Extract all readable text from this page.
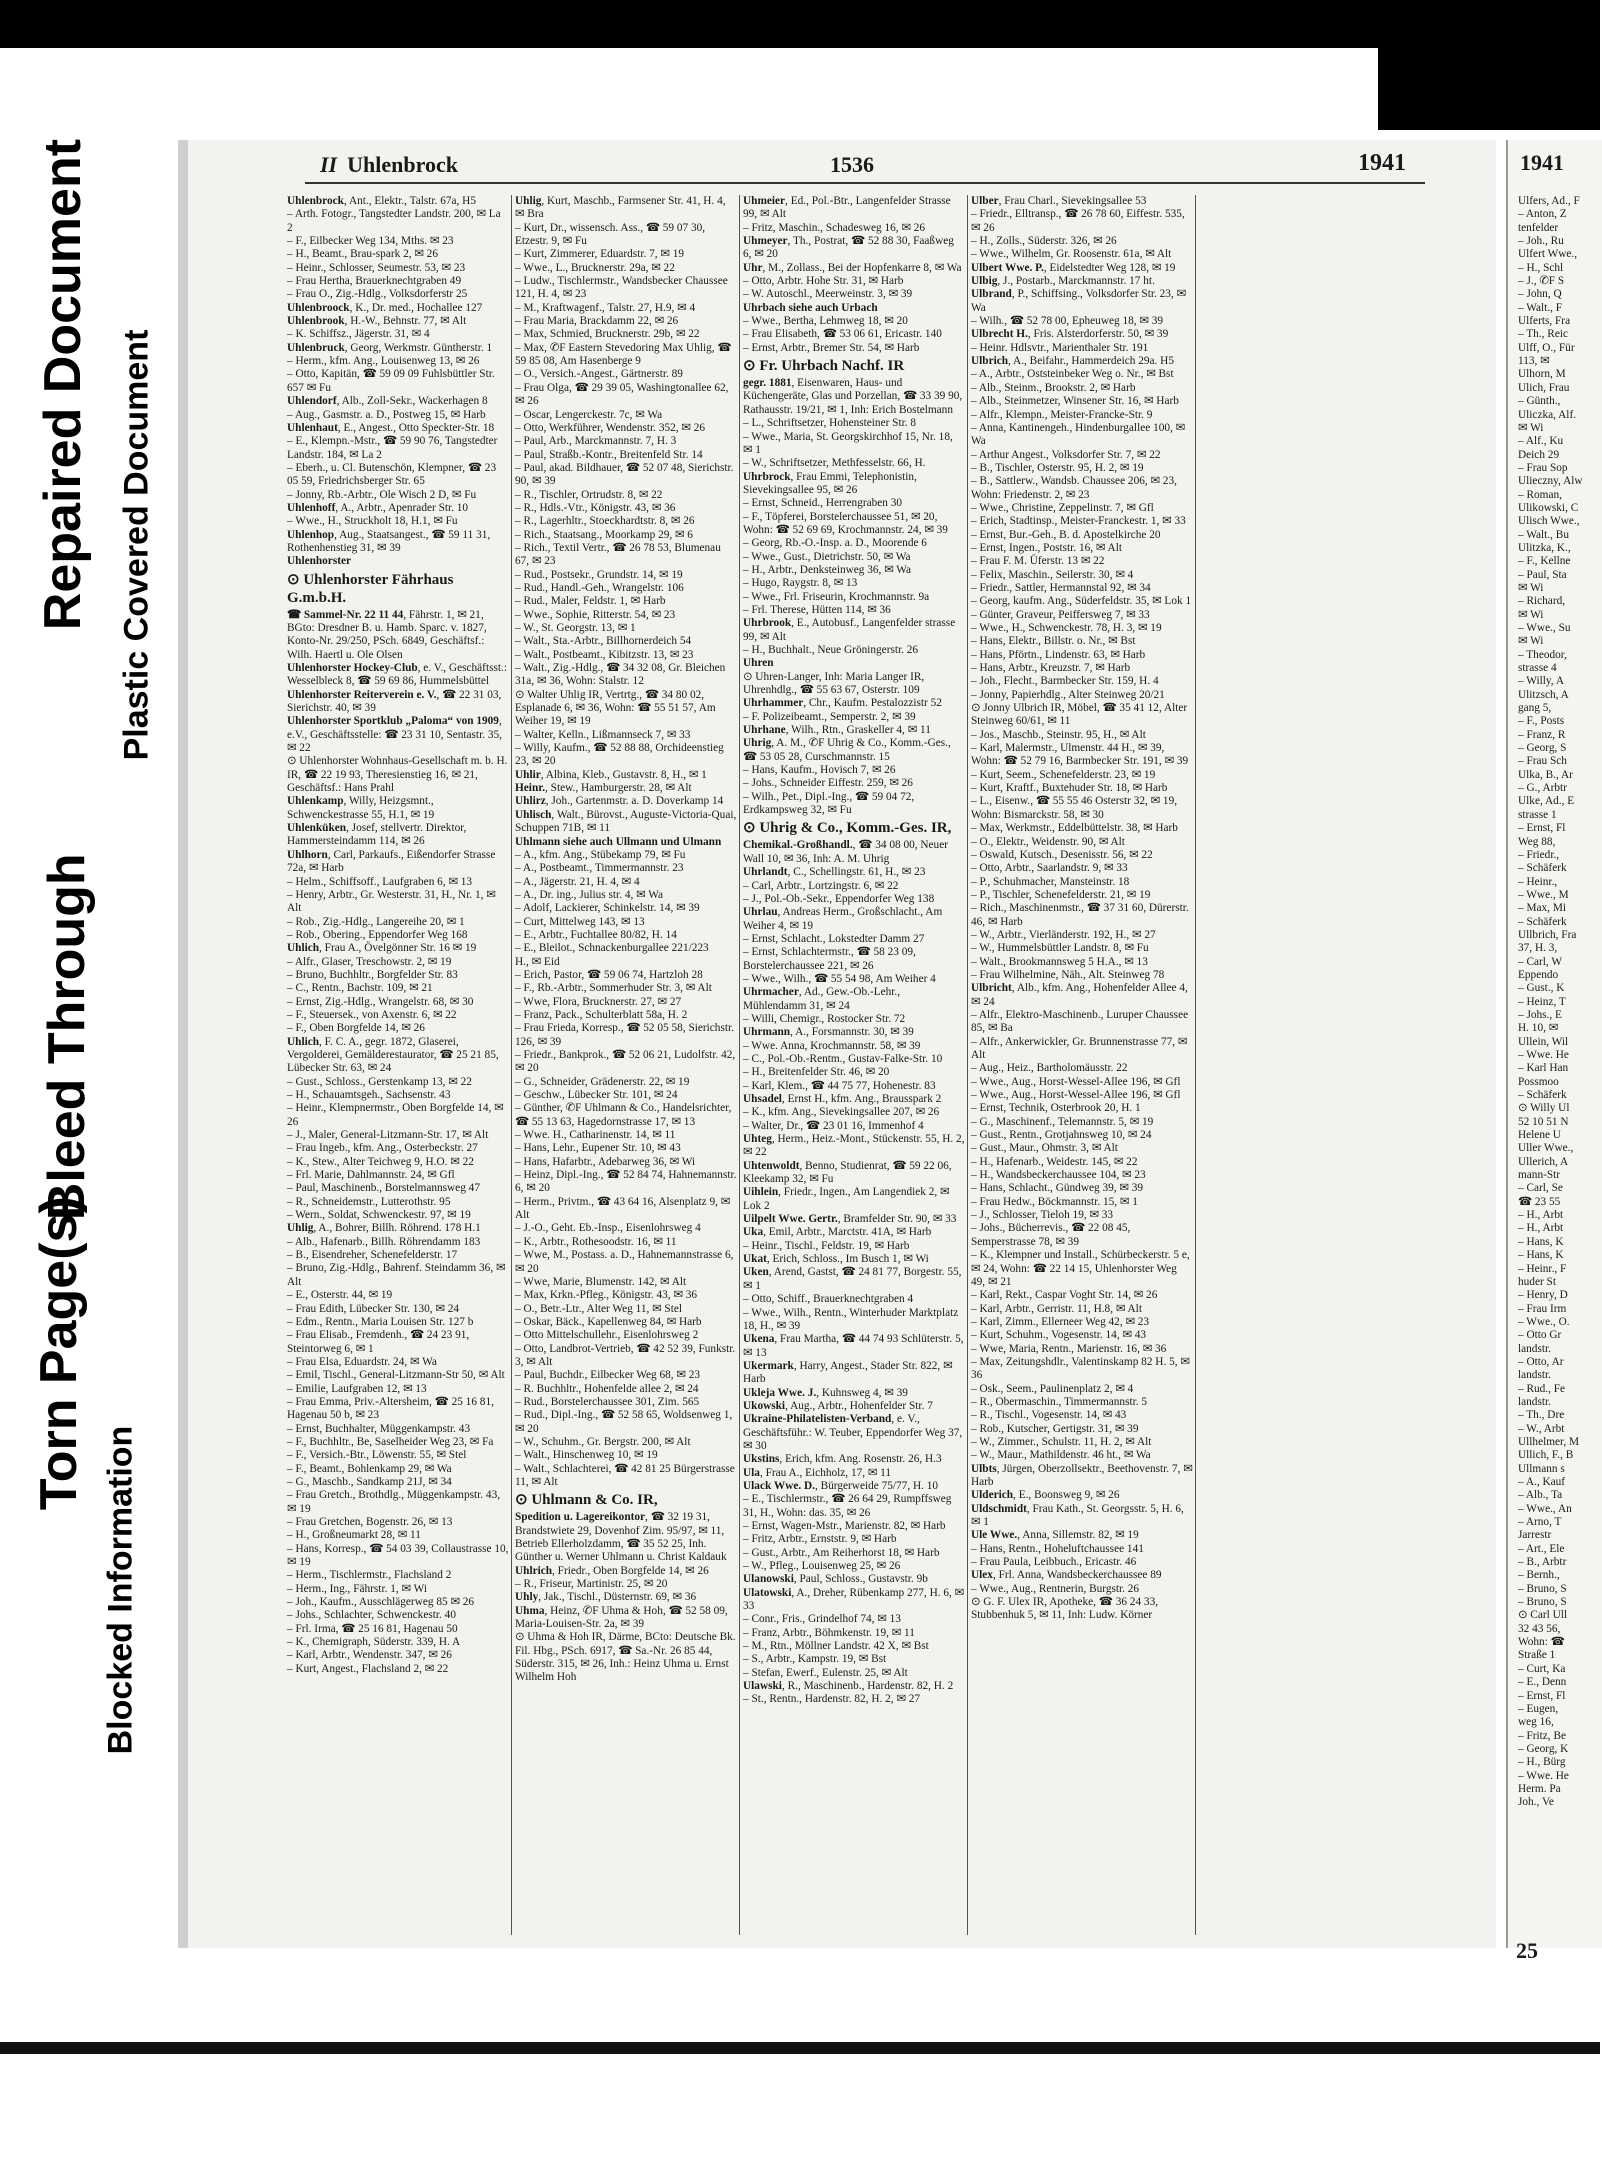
Torn Page(s)
Blocked Information
Bleed Through
Plastic Covered Document
Repaired Document	II Uhlenbrock	1536	1941
Uhlenbrock, Ant., Elektr., Talstr. 67a, H5
– Arth. Fotogr., Tangstedter Landstr. 200, ✉ La 2
– F., Eilbecker Weg 134, Mths. ✉ 23
– H., Beamt., Brau-spark 2, ✉ 26
– Heinr., Schlosser, Seumestr. 53, ✉ 23
– Frau Hertha, Brauerknechtgraben 49
– Frau O., Zig.-Hdlg., Volksdorferstr 25
Uhlenbroock, K., Dr. med., Hochallee 127
Uhlenbrook, H.-W., Behnstr. 77, ✉ Alt
– K. Schiffsz., Jägerstr. 31, ✉ 4
Uhlenbruck, Georg, Werkmstr. Güntherstr. 1
– Herm., kfm. Ang., Louisenweg 13, ✉ 26
– Otto, Kapitän, ☎ 59 09 09 Fuhlsbüttler Str. 657 ✉ Fu
Uhlendorf, Alb., Zoll-Sekr., Wackerhagen 8
– Aug., Gasmstr. a. D., Postweg 15, ✉ Harb
Uhlenhaut, E., Angest., Otto Speckter-Str. 18
– E., Klempn.-Mstr., ☎ 59 90 76, Tangstedter Landstr. 184, ✉ La 2
– Eberh., u. Cl. Butenschön, Klempner, ☎ 23 05 59, Friedrichsberger Str. 65
– Jonny, Rb.-Arbtr., Ole Wisch 2 D, ✉ Fu
Uhlenhoff, A., Arbtr., Apenrader Str. 10
– Wwe., H., Struckholt 18, H.1, ✉ Fu
Uhlenhop, Aug., Staatsangest., ☎ 59 11 31, Rothenhenstieg 31, ✉ 39
Uhlenhorster
⊙ Uhlenhorster Fährhaus G.m.b.H.
☎ Sammel-Nr. 22 11 44, Fährstr. 1, ✉ 21, BGto: Dresdner B. u. Hamb. Sparc. v. 1827, Konto-Nr. 29/250, PSch. 6849, Geschäftsf.: Wilh. Haertl u. Ole Olsen
Uhlenhorster Hockey-Club, e. V., Geschäftsst.: Wesselbleck 8, ☎ 59 69 86, Hummelsbüttel
Uhlenhorster Reiterverein e. V., ☎ 22 31 03, Sierichstr. 40, ✉ 39
Uhlenhorster Sportklub „Paloma“ von 1909, e.V., Geschäftsstelle: ☎ 23 31 10, Sentastr. 35, ✉ 22
⊙ Uhlenhorster Wohnhaus-Gesellschaft m. b. H. IR, ☎ 22 19 93, Theresienstieg 16, ✉ 21, Geschäftsf.: Hans Prahl
Uhlenkamp, Willy, Heizgsmnt., Schwenckestrasse 55, H.1, ✉ 19
Uhlenküken, Josef, stellvertr. Direktor, Hammersteindamm 114, ✉ 26
Uhlhorn, Carl, Parkaufs., Eißendorfer Strasse 72a, ✉ Harb
– Helm., Schiffsoff., Laufgraben 6, ✉ 13
– Henry, Arbtr., Gr. Westerstr. 31, H., Nr. 1, ✉ Alt
– Rob., Zig.-Hdlg., Langereihe 20, ✉ 1
– Rob., Obering., Eppendorfer Weg 168
Uhlich, Frau A., Övelgönner Str. 16 ✉ 19
– Alfr., Glaser, Treschowstr. 2, ✉ 19
– Bruno, Buchhltr., Borgfelder Str. 83
– C., Rentn., Bachstr. 109, ✉ 21
– Ernst, Zig.-Hdlg., Wrangelstr. 68, ✉ 30
– F., Steuersek., von Axenstr. 6, ✉ 22
– F., Oben Borgfelde 14, ✉ 26
Uhlich, F. C. A., gegr. 1872, Glaserei, Vergolderei, Gemälderestaurator, ☎ 25 21 85, Lübecker Str. 63, ✉ 24
– Gust., Schloss., Gerstenkamp 13, ✉ 22
– H., Schauamtsgeh., Sachsenstr. 43
– Heinr., Klempnermstr., Oben Borgfelde 14, ✉ 26
– J., Maler, General-Litzmann-Str. 17, ✉ Alt
– Frau Ingeb., kfm. Ang., Osterbeckstr. 27
– K., Stew., Alter Teichweg 9, H.O. ✉ 22
– Frl. Marie, Dahlmannstr. 24, ✉ Gfl
– Paul, Maschinenb., Borstelmannsweg 47
– R., Schneidemstr., Lutterothstr. 95
– Wern., Soldat, Schwenckestr. 97, ✉ 19
Uhlig, A., Bohrer, Billh. Röhrend. 178 H.1
– Alb., Hafenarb., Billh. Röhrendamm 183
– B., Eisendreher, Schenefelderstr. 17
– Bruno, Zig.-Hdlg., Bahrenf. Steindamm 36, ✉ Alt
– E., Osterstr. 44, ✉ 19
– Frau Edith, Lübecker Str. 130, ✉ 24
– Edm., Rentn., Maria Louisen Str. 127 b
– Frau Elisab., Fremdenh., ☎ 24 23 91, Steintorweg 6, ✉ 1
– Frau Elsa, Eduardstr. 24, ✉ Wa
– Emil, Tischl., General-Litzmann-Str 50, ✉ Alt
– Emilie, Laufgraben 12, ✉ 13
– Frau Emma, Priv.-Altersheim, ☎ 25 16 81, Hagenau 50 b, ✉ 23
– Ernst, Buchhalter, Müggenkampstr. 43
– F., Buchhltr., Be, Saselheider Weg 23, ✉ Fa
– F., Versich.-Btr., Löwenstr. 55, ✉ Stel
– F., Beamt., Bohlenkamp 29, ✉ Wa
– G., Maschb., Sandkamp 21J, ✉ 34
– Frau Gretch., Brothdlg., Müggenkampstr. 43, ✉ 19
– Frau Gretchen, Bogenstr. 26, ✉ 13
– H., Großneumarkt 28, ✉ 11
– Hans, Korresp., ☎ 54 03 39, Collaustrasse 10, ✉ 19
– Herm., Tischlermstr., Flachsland 2
– Herm., Ing., Fährstr. 1, ✉ Wi
– Joh., Kaufm., Ausschlägerweg 85 ✉ 26
– Johs., Schlachter, Schwenckestr. 40
– Frl. Irma, ☎ 25 16 81, Hagenau 50
– K., Chemigraph, Süderstr. 339, H. A
– Karl, Arbtr., Wendenstr. 347, ✉ 26
– Kurt, Angest., Flachsland 2, ✉ 22
Uhlig, Kurt, Maschb., Farmsener Str. 41, H. 4, ✉ Bra
– Kurt, Dr., wissensch. Ass., ☎ 59 07 30, Etzestr. 9, ✉ Fu
– Kurt, Zimmerer, Eduardstr. 7, ✉ 19
– Wwe., L., Brucknerstr. 29a, ✉ 22
– Ludw., Tischlermstr., Wandsbecker Chaussee 121, H. 4, ✉ 23
– M., Kraftwagenf., Talstr. 27, H.9, ✉ 4
– Frau Maria, Brackdamm 22, ✉ 26
– Max, Schmied, Brucknerstr. 29b, ✉ 22
– Max, ✆F Eastern Stevedoring Max Uhlig, ☎ 59 85 08, Am Hasenberge 9
– O., Versich.-Angest., Gärtnerstr. 89
– Frau Olga, ☎ 29 39 05, Washingtonallee 62, ✉ 26
– Oscar, Lengerckestr. 7c, ✉ Wa
– Otto, Werkführer, Wendenstr. 352, ✉ 26
– Paul, Arb., Marckmannstr. 7, H. 3
– Paul, Straßb.-Kontr., Breitenfeld Str. 14
– Paul, akad. Bildhauer, ☎ 52 07 48, Sierichstr. 90, ✉ 39
– R., Tischler, Ortrudstr. 8, ✉ 22
– R., Hdls.-Vtr., Königstr. 43, ✉ 36
– R., Lagerhltr., Stoeckhardtstr. 8, ✉ 26
– Rich., Staatsang., Moorkamp 29, ✉ 6
– Rich., Textil Vertr., ☎ 26 78 53, Blumenau 67, ✉ 23
– Rud., Postsekr., Grundstr. 14, ✉ 19
– Rud., Handl.-Geh., Wrangelstr. 106
– Rud., Maler, Feldstr. 1, ✉ Harb
– Wwe., Sophie, Ritterstr. 54, ✉ 23
– W., St. Georgstr. 13, ✉ 1
– Walt., Sta.-Arbtr., Billhornerdeich 54
– Walt., Postbeamt., Kibitzstr. 13, ✉ 23
– Walt., Zig.-Hdlg., ☎ 34 32 08, Gr. Bleichen 31a, ✉ 36, Wohn: Stalstr. 12
⊙ Walter Uhlig IR, Vertrtg., ☎ 34 80 02, Esplanade 6, ✉ 36, Wohn: ☎ 55 51 57, Am Weiher 19, ✉ 19
– Walter, Kelln., Lißmannseck 7, ✉ 33
– Willy, Kaufm., ☎ 52 88 88, Orchideenstieg 23, ✉ 20
Uhlir, Albina, Kleb., Gustavstr. 8, H., ✉ 1
Heinr., Stew., Hamburgerstr. 28, ✉ Alt
Uhlirz, Joh., Gartenmstr. a. D. Doverkamp 14
Uhlisch, Walt., Bürovst., Auguste-Victoria-Quai, Schuppen 71B, ✉ 11
Uhlmann siehe auch Ullmann und Ulmann
– A., kfm. Ang., Stübekamp 79, ✉ Fu
– A., Postbeamt., Timmermannstr. 23
– A., Jägerstr. 21, H. 4, ✉ 4
– A., Dr. ing., Julius str. 4, ✉ Wa
– Adolf, Lackierer, Schinkelstr. 14, ✉ 39
– Curt, Mittelweg 143, ✉ 13
– E., Arbtr., Fuchtallee 80/82, H. 14
– E., Bleilot., Schnackenburgallee 221/223
H., ✉ Eid
– Erich, Pastor, ☎ 59 06 74, Hartzloh 28
– F., Rb.-Arbtr., Sommerhuder Str. 3, ✉ Alt
– Wwe, Flora, Brucknerstr. 27, ✉ 27
– Franz, Pack., Schulterblatt 58a, H. 2
– Frau Frieda, Korresp., ☎ 52 05 58, Sierichstr. 126, ✉ 39
– Friedr., Bankprok., ☎ 52 06 21, Ludolfstr. 42, ✉ 20
– G., Schneider, Grädenerstr. 22, ✉ 19
– Geschw., Lübecker Str. 101, ✉ 24
– Günther, ✆F Uhlmann & Co., Handelsrichter, ☎ 55 13 63, Hagedornstrasse 17, ✉ 13
– Wwe. H., Catharinenstr. 14, ✉ 11
– Hans, Lehr., Eupener Str. 10, ✉ 43
– Hans, Hafarbtr., Adebarweg 36, ✉ Wi
– Heinz, Dipl.-Ing., ☎ 52 84 74, Hahnemannstr. 6, ✉ 20
– Herm., Privtm., ☎ 43 64 16, Alsenplatz 9, ✉ Alt
– J.-O., Geht. Eb.-Insp., Eisenlohrsweg 4
– K., Arbtr., Rothesoodstr. 16, ✉ 11
– Wwe, M., Postass. a. D., Hahnemannstrasse 6, ✉ 20
– Wwe, Marie, Blumenstr. 142, ✉ Alt
– Max, Krkn.-Pfleg., Königstr. 43, ✉ 36
– O., Betr.-Ltr., Alter Weg 11, ✉ Stel
– Oskar, Bäck., Kapellenweg 84, ✉ Harb
– Otto Mittelschullehr., Eisenlohrsweg 2
– Otto, Landbrot-Vertrieb, ☎ 42 52 39, Funkstr. 3, ✉ Alt
– Paul, Buchdr., Eilbecker Weg 68, ✉ 23
– R. Buchhltr., Hohenfelde allee 2, ✉ 24
– Rud., Borstelerchaussee 301, Zim. 565
– Rud., Dipl.-Ing., ☎ 52 58 65, Woldsenweg 1, ✉ 20
– W., Schuhm., Gr. Bergstr. 200, ✉ Alt
– Walt., Hinschenweg 10, ✉ 19
– Walt., Schlachterei, ☎ 42 81 25 Bürgerstrasse 11, ✉ Alt
⊙ Uhlmann & Co. IR,
Spedition u. Lagereikontor, ☎ 32 19 31, Brandstwiete 29, Dovenhof Zim. 95/97, ✉ 11, Betrieb Ellerholzdamm, ☎ 35 52 25, Inh. Günther u. Werner Uhlmann u. Christ Kaldauk
Uhlrich, Friedr., Oben Borgfelde 14, ✉ 26
– R., Friseur, Martinistr. 25, ✉ 20
Uhly, Jak., Tischl., Düsternstr. 69, ✉ 36
Uhma, Heinz, ✆F Uhma & Hoh, ☎ 52 58 09, Maria-Louisen-Str. 2a, ✉ 39
⊙ Uhma & Hoh IR, Därme, BCto: Deutsche Bk. Fil. Hbg., PSch. 6917, ☎ Sa.-Nr. 26 85 44, Süderstr. 315, ✉ 26, Inh.: Heinz Uhma u. Ernst Wilhelm Hoh
Uhmeier, Ed., Pol.-Btr., Langenfelder Strasse 99, ✉ Alt
– Fritz, Maschin., Schadesweg 16, ✉ 26
Uhmeyer, Th., Postrat, ☎ 52 88 30, Faaßweg 6, ✉ 20
Uhr, M., Zollass., Bei der Hopfenkarre 8, ✉ Wa
– Otto, Arbtr. Hohe Str. 31, ✉ Harb
– W. Autoschl., Meerweinstr. 3, ✉ 39
Uhrbach siehe auch Urbach
– Wwe., Bertha, Lehmweg 18, ✉ 20
– Frau Elisabeth, ☎ 53 06 61, Ericastr. 140
– Ernst, Arbtr., Bremer Str. 54, ✉ Harb
⊙ Fr. Uhrbach Nachf. IR
gegr. 1881, Eisenwaren, Haus- und Küchengeräte, Glas und Porzellan, ☎ 33 39 90, Rathausstr. 19/21, ✉ 1, Inh: Erich Bostelmann
– L., Schriftsetzer, Hohensteiner Str. 8
– Wwe., Maria, St. Georgskirchhof 15, Nr. 18, ✉ 1
– W., Schriftsetzer, Methfesselstr. 66, H.
Uhrbrock, Frau Emmi, Telephonistin, Sievekingsallee 95, ✉ 26
– Ernst, Schneid., Herrengraben 30
– F., Töpferei, Borstelerchaussee 51, ✉ 20, Wohn: ☎ 52 69 69, Krochmannstr. 24, ✉ 39
– Georg, Rb.-O.-Insp. a. D., Moorende 6
– Wwe., Gust., Dietrichstr. 50, ✉ Wa
– H., Arbtr., Denksteinweg 36, ✉ Wa
– Hugo, Raygstr. 8, ✉ 13
– Wwe., Frl. Friseurin, Krochmannstr. 9a
– Frl. Therese, Hütten 114, ✉ 36
Uhrbrook, E., Autobusf., Langenfelder strasse 99, ✉ Alt
– H., Buchhalt., Neue Gröningerstr. 26
Uhren
⊙ Uhren-Langer, Inh: Maria Langer IR, Uhrenhdlg., ☎ 55 63 67, Osterstr. 109
Uhrhammer, Chr., Kaufm. Pestalozzistr 52
– F. Polizeibeamt., Semperstr. 2, ✉ 39
Uhrhane, Wilh., Rtn., Graskeller 4, ✉ 11
Uhrig, A. M., ✆F Uhrig & Co., Komm.-Ges., ☎ 53 05 28, Curschmannstr. 15
– Hans, Kaufm., Hovisch 7, ✉ 26
– Johs., Schneider Eiffestr. 259, ✉ 26
– Wilh., Pet., Dipl.-Ing., ☎ 59 04 72, Erdkampsweg 32, ✉ Fu
⊙ Uhrig & Co., Komm.-Ges. IR,
Chemikal.-Großhandl., ☎ 34 08 00, Neuer Wall 10, ✉ 36, Inh: A. M. Uhrig
Uhrlandt, C., Schellingstr. 61, H., ✉ 23
– Carl, Arbtr., Lortzingstr. 6, ✉ 22
– J., Pol.-Ob.-Sekr., Eppendorfer Weg 138
Uhrlau, Andreas Herm., Großschlacht., Am Weiher 4, ✉ 19
– Ernst, Schlacht., Lokstedter Damm 27
– Ernst, Schlachtermstr., ☎ 58 23 09, Borstelerchaussee 221, ✉ 26
– Wwe., Wilh., ☎ 55 54 98, Am Weiher 4
Uhrmacher, Ad., Gew.-Ob.-Lehr., Mühlendamm 31, ✉ 24
– Willi, Chemigr., Rostocker Str. 72
Uhrmann, A., Forsmannstr. 30, ✉ 39
– Wwe. Anna, Krochmannstr. 58, ✉ 39
– C., Pol.-Ob.-Rentm., Gustav-Falke-Str. 10
– H., Breitenfelder Str. 46, ✉ 20
– Karl, Klem., ☎ 44 75 77, Hohenestr. 83
Uhsadel, Ernst H., kfm. Ang., Brausspark 2
– K., kfm. Ang., Sievekingsallee 207, ✉ 26
– Walter, Dr., ☎ 23 01 16, Immenhof 4
Uhteg, Herm., Heiz.-Mont., Stückenstr. 55, H. 2, ✉ 22
Uhtenwoldt, Benno, Studienrat, ☎ 59 22 06, Kleekamp 32, ✉ Fu
Uihlein, Friedr., Ingen., Am Langendiek 2, ✉ Lok 2
Uilpelt Wwe. Gertr., Bramfelder Str. 90, ✉ 33
Uka, Emil, Arbtr., Marctstr. 41A, ✉ Harb
– Heinr., Tischl., Feldstr. 19, ✉ Harb
Ukat, Erich, Schloss., Im Busch 1, ✉ Wi
Uken, Arend, Gastst, ☎ 24 81 77, Borgestr. 55, ✉ 1
– Otto, Schiff., Brauerknechtgraben 4
– Wwe., Wilh., Rentn., Winterhuder Marktplatz 18, H., ✉ 39
Ukena, Frau Martha, ☎ 44 74 93 Schlüterstr. 5, ✉ 13
Ukermark, Harry, Angest., Stader Str. 822, ✉ Harb
Ukleja Wwe. J., Kuhnsweg 4, ✉ 39
Ukowski, Aug., Arbtr., Hohenfelder Str. 7
Ukraine-Philatelisten-Verband, e. V., Geschäftsführ.: W. Teuber, Eppendorfer Weg 37, ✉ 30
Ukstins, Erich, kfm. Ang. Rosenstr. 26, H.3
Ula, Frau A., Eichholz, 17, ✉ 11
Ulack Wwe. D., Bürgerweide 75/77, H. 10
– E., Tischlermstr., ☎ 26 64 29, Rumpffsweg 31, H., Wohn: das. 35, ✉ 26
– Ernst, Wagen-Mstr., Marienstr. 82, ✉ Harb
– Fritz, Arbtr., Ernststr. 9, ✉ Harb
– Gust., Arbtr., Am Reiherhorst 18, ✉ Harb
– W., Pfleg., Louisenweg 25, ✉ 26
Ulanowski, Paul, Schloss., Gustavstr. 9b
Ulatowski, A., Dreher, Rübenkamp 277, H. 6, ✉ 33
– Conr., Fris., Grindelhof 74, ✉ 13
– Franz, Arbtr., Böhmkenstr. 19, ✉ 11
– M., Rtn., Möllner Landstr. 42 X, ✉ Bst
– S., Arbtr., Kampstr. 19, ✉ Bst
– Stefan, Ewerf., Eulenstr. 25, ✉ Alt
Ulawski, R., Maschinenb., Hardenstr. 82, H. 2
– St., Rentn., Hardenstr. 82, H. 2, ✉ 27
Ulber, Frau Charl., Sievekingsallee 53
– Friedr., Elltransp., ☎ 26 78 60, Eiffestr. 535, ✉ 26
– H., Zolls., Süderstr. 326, ✉ 26
– Wwe., Wilhelm, Gr. Roosenstr. 61a, ✉ Alt
Ulbert Wwe. P., Eidelstedter Weg 128, ✉ 19
Ulbig, J., Postarb., Marckmannstr. 17 ht.
Ulbrand, P., Schiffsing., Volksdorfer Str. 23, ✉ Wa
– Wilh., ☎ 52 78 00, Epheuweg 18, ✉ 39
Ulbrecht H., Fris. Alsterdorferstr. 50, ✉ 39
– Heinr. Hdlsvtr., Marienthaler Str. 191
Ulbrich, A., Beifahr., Hammerdeich 29a. H5
– A., Arbtr., Oststeinbeker Weg o. Nr., ✉ Bst
– Alb., Steinm., Brookstr. 2, ✉ Harb
– Alb., Steinmetzer, Winsener Str. 16, ✉ Harb
– Alfr., Klempn., Meister-Francke-Str. 9
– Anna, Kantinengeh., Hindenburgallee 100, ✉ Wa
– Arthur Angest., Volksdorfer Str. 7, ✉ 22
– B., Tischler, Osterstr. 95, H. 2, ✉ 19
– B., Sattlerw., Wandsb. Chaussee 206, ✉ 23, Wohn: Friedenstr. 2, ✉ 23
– Wwe., Christine, Zeppelinstr. 7, ✉ Gfl
– Erich, Stadtinsp., Meister-Franckestr. 1, ✉ 33
– Ernst, Bur.-Geh., B. d. Apostelkirche 20
– Ernst, Ingen., Poststr. 16, ✉ Alt
– Frau F. M. Üferstr. 13 ✉ 22
– Felix, Maschin., Seilerstr. 30, ✉ 4
– Friedr., Sattler, Hermannstal 92, ✉ 34
– Georg, kaufm. Ang., Süderfeldstr. 35, ✉ Lok 1
– Günter, Graveur, Peiffersweg 7, ✉ 33
– Wwe., H., Schwenckestr. 78, H. 3, ✉ 19
– Hans, Elektr., Billstr. o. Nr., ✉ Bst
– Hans, Pförtn., Lindenstr. 63, ✉ Harb
– Hans, Arbtr., Kreuzstr. 7, ✉ Harb
– Joh., Flecht., Barmbecker Str. 159, H. 4
– Jonny, Papierhdlg., Alter Steinweg 20/21
⊙ Jonny Ulbrich IR, Möbel, ☎ 35 41 12, Alter Steinweg 60/61, ✉ 11
– Jos., Maschb., Steinstr. 95, H., ✉ Alt
– Karl, Malermstr., Ulmenstr. 44 H., ✉ 39, Wohn: ☎ 52 79 16, Barmbecker Str. 191, ✉ 39
– Kurt, Seem., Schenefelderstr. 23, ✉ 19
– Kurt, Kraftf., Buxtehuder Str. 18, ✉ Harb
– L., Eisenw., ☎ 55 55 46 Osterstr 32, ✉ 19, Wohn: Bismarckstr. 58, ✉ 30
– Max, Werkmstr., Eddelbüttelstr. 38, ✉ Harb
– O., Elektr., Weidenstr. 90, ✉ Alt
– Oswald, Kutsch., Desenisstr. 56, ✉ 22
– Otto, Arbtr., Saarlandstr. 9, ✉ 33
– P., Schuhmacher, Mansteinstr. 18
– P., Tischler, Schenefelderstr. 21, ✉ 19
– Rich., Maschinenmstr., ☎ 37 31 60, Dürerstr. 46, ✉ Harb
– W., Arbtr., Vierländerstr. 192, H., ✉ 27
– W., Hummelsbüttler Landstr. 8, ✉ Fu
– Walt., Brookmannsweg 5 H.A., ✉ 13
– Frau Wilhelmine, Näh., Alt. Steinweg 78
Ulbricht, Alb., kfm. Ang., Hohenfelder Allee 4, ✉ 24
– Alfr., Elektro-Maschinenb., Luruper Chaussee 85, ✉ Ba
– Alfr., Ankerwickler, Gr. Brunnenstrasse 77, ✉ Alt
– Aug., Heiz., Bartholomäusstr. 22
– Wwe., Aug., Horst-Wessel-Allee 196, ✉ Gfl
– Wwe., Aug., Horst-Wessel-Allee 196, ✉ Gfl
– Ernst, Technik, Osterbrook 20, H. 1
– G., Maschinenf., Telemannstr. 5, ✉ 19
– Gust., Rentn., Grotjahnsweg 10, ✉ 24
– Gust., Maur., Ohmstr. 3, ✉ Alt
– H., Hafenarb., Weidestr. 145, ✉ 22
– H., Wandsbeckerchaussee 104, ✉ 23
– Hans, Schlacht., Gündweg 39, ✉ 39
– Frau Hedw., Böckmannstr. 15, ✉ 1
– J., Schlosser, Tieloh 19, ✉ 33
– Johs., Bücherrevis., ☎ 22 08 45, Semperstrasse 78, ✉ 39
– K., Klempner und Install., Schürbeckerstr. 5 e, ✉ 24, Wohn: ☎ 22 14 15, Uhlenhorster Weg 49, ✉ 21
– Karl, Rekt., Caspar Voght Str. 14, ✉ 26
– Karl, Arbtr., Gerristr. 11, H.8, ✉ Alt
– Karl, Zimm., Ellerneer Weg 42, ✉ 23
– Kurt, Schuhm., Vogesenstr. 14, ✉ 43
– Wwe, Maria, Rentn., Marienstr. 16, ✉ 36
– Max, Zeitungshdlr., Valentinskamp 82 H. 5, ✉ 36
– Osk., Seem., Paulinenplatz 2, ✉ 4
– R., Obermaschin., Timmermannstr. 5
– R., Tischl., Vogesenstr. 14, ✉ 43
– Rob., Kutscher, Gertigstr. 31, ✉ 39
– W., Zimmer., Schulstr. 11, H. 2, ✉ Alt
– W., Maur., Mathildenstr. 46 ht., ✉ Wa
Ulbts, Jürgen, Oberzollsektr., Beethovenstr. 7, ✉ Harb
Ulderich, E., Boonsweg 9, ✉ 26
Uldschmidt, Frau Kath., St. Georgsstr. 5, H. 6, ✉ 1
Ule Wwe., Anna, Sillemstr. 82, ✉ 19
– Hans, Rentn., Hoheluftchaussee 141
– Frau Paula, Leibbuch., Ericastr. 46
Ulex, Frl. Anna, Wandsbeckerchaussee 89
– Wwe., Aug., Rentnerin, Burgstr. 26
⊙ G. F. Ulex IR, Apotheke, ☎ 36 24 33, Stubbenhuk 5, ✉ 11, Inh: Ludw. Körner
1941
Ulfers, Ad., F
– Anton, Z
tenfelder
– Joh., Ru
Ulfert Wwe.,
– H., Schl
– J., ✆F S
– John, Q
– Walt., F
Ulferts, Fra
– Th., Reic
Ulff, O., Für
113, ✉
Ulhorn, M
Ulich, Frau
– Günth.,
Uliczka, Alf.
✉ Wi
– Alf., Ku
Deich 29
– Frau Sop
Ulieczny, Alw
– Roman,
Ulikowski, C
Ulisch Wwe.,
– Walt., Bu
Ulitzka, K.,
– F., Kellne
– Paul, Sta
✉ Wi
– Richard,
✉ Wi
– Wwe., Su
✉ Wi
– Theodor,
strasse 4
– Willy, A
Ulitzsch, A
gang 5,
– F., Posts
– Franz, R
– Georg, S
– Frau Sch
Ulka, B., Ar
– G., Arbtr
Ulke, Ad., E
strasse 1
– Ernst, Fl
Weg 88,
– Friedr.,
– Schäferk
– Heinr.,
– Wwe., M
– Max, Mi
– Schäferk
Ullbrich, Fra
37, H. 3,
– Carl, W
Eppendo
– Gust., K
– Heinz, T
– Johs., E
H. 10, ✉
Ullein, Wil
– Wwe. He
– Karl Han
Possmoo
– Schäferk
⊙ Willy Ul
52 10 51 N
Helene U
Uller Wwe.,
Ullerich, A
mann-Str
– Carl, Se
☎ 23 55
– H., Arbt
– H., Arbt
– Hans, K
– Hans, K
– Heinr., F
huder St
– Henry, D
– Frau Irm
– Wwe., O.
– Otto Gr
landstr.
– Otto, Ar
landstr.
– Rud., Fe
landstr.
– Th., Dre
– W., Arbt
Ullhelmer, M
Ullich, F., B
Ullmann s
– A., Kauf
– Alb., Ta
– Wwe., An
– Arno, T
Jarrestr
– Art., Ele
– B., Arbtr
– Bernh.,
– Bruno, S
– Bruno, S
⊙ Carl Ull
32 43 56,
Wohn: ☎
Straße 1
– Curt, Ka
– E., Denn
– Ernst, Fl
– Eugen,
weg 16,
– Fritz, Be
– Georg, K
– H., Bürg
– Wwe. He
Herm. Pa
Joh., Ve
25
